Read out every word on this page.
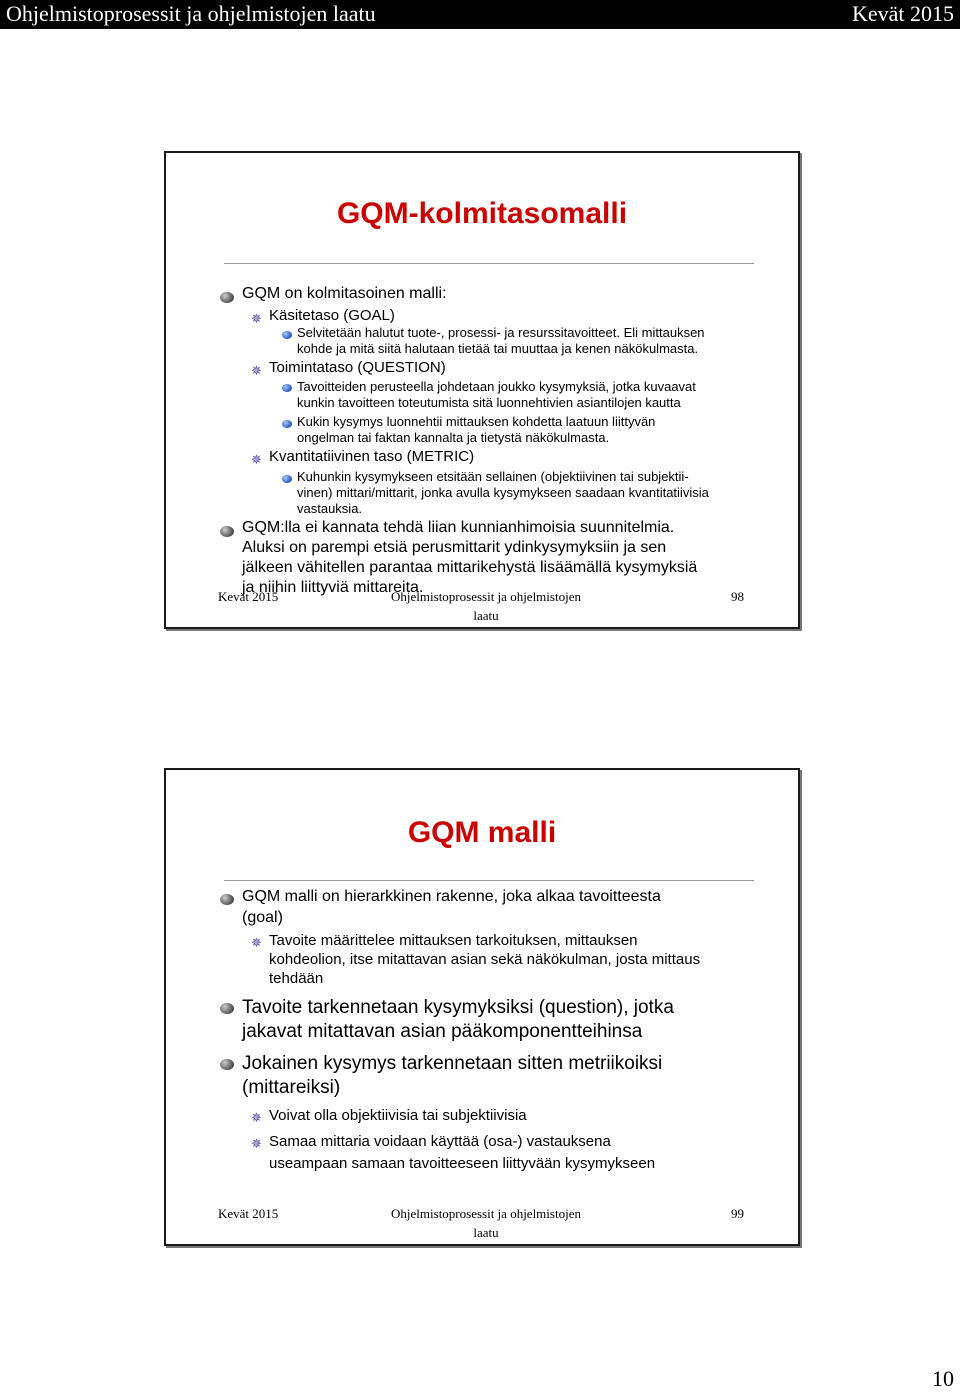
Ohjelmistoprosessit ja ohjelmistojen laatu	Kevät 2015
GQM-kolmitasomalli
GQM on kolmitasoinen malli:
✵ Käsitetaso (GOAL)
Selvitetään halutut tuote-, prosessi- ja resurssitavoitteet. Eli mittauksen
kohde ja mitä siitä halutaan tietää tai muuttaa ja kenen näkökulmasta.
✵ Toimintataso (QUESTION)
Tavoitteiden perusteella johdetaan joukko kysymyksiä, jotka kuvaavat
kunkin tavoitteen toteutumista sitä luonnehtivien asiantilojen kautta
Kukin kysymys luonnehtii mittauksen kohdetta laatuun liittyvän
ongelman tai faktan kannalta ja tietystä näkökulmasta.
✵ Kvantitatiivinen taso (METRIC)
Kuhunkin kysymykseen etsitään sellainen (objektiivinen tai subjektii-
vinen) mittari/mittarit, jonka avulla kysymykseen saadaan kvantitatiivisia
vastauksia.
GQM:lla ei kannata tehdä liian kunnianhimoisia suunnitelmia.
Aluksi on parempi etsiä perusmittarit ydinkysymyksiin ja sen
jälkeen vähitellen parantaa mittarikehystä lisäämällä kysymyksiä
ja niihin liittyviä mittareita.
Kevät 2015	Ohjelmistoprosessit ja ohjelmistojen
laatu
98
GQM malli
GQM malli on hierarkkinen rakenne, joka alkaa tavoitteesta
(goal)
✵ Tavoite määrittelee mittauksen tarkoituksen, mittauksen
kohdeolion, itse mitattavan asian sekä näkökulman, josta mittaus
tehdään
Tavoite tarkennetaan kysymyksiksi (question), jotka
jakavat mitattavan asian pääkomponentteihinsa
Jokainen kysymys tarkennetaan sitten metriikoiksi
(mittareiksi)
✵ Voivat olla objektiivisia tai subjektiivisia
✵ Samaa mittaria voidaan käyttää (osa-) vastauksena
useampaan samaan tavoitteeseen liittyvään kysymykseen
Kevät 2015	Ohjelmistoprosessit ja ohjelmistojen
laatu
99
10
